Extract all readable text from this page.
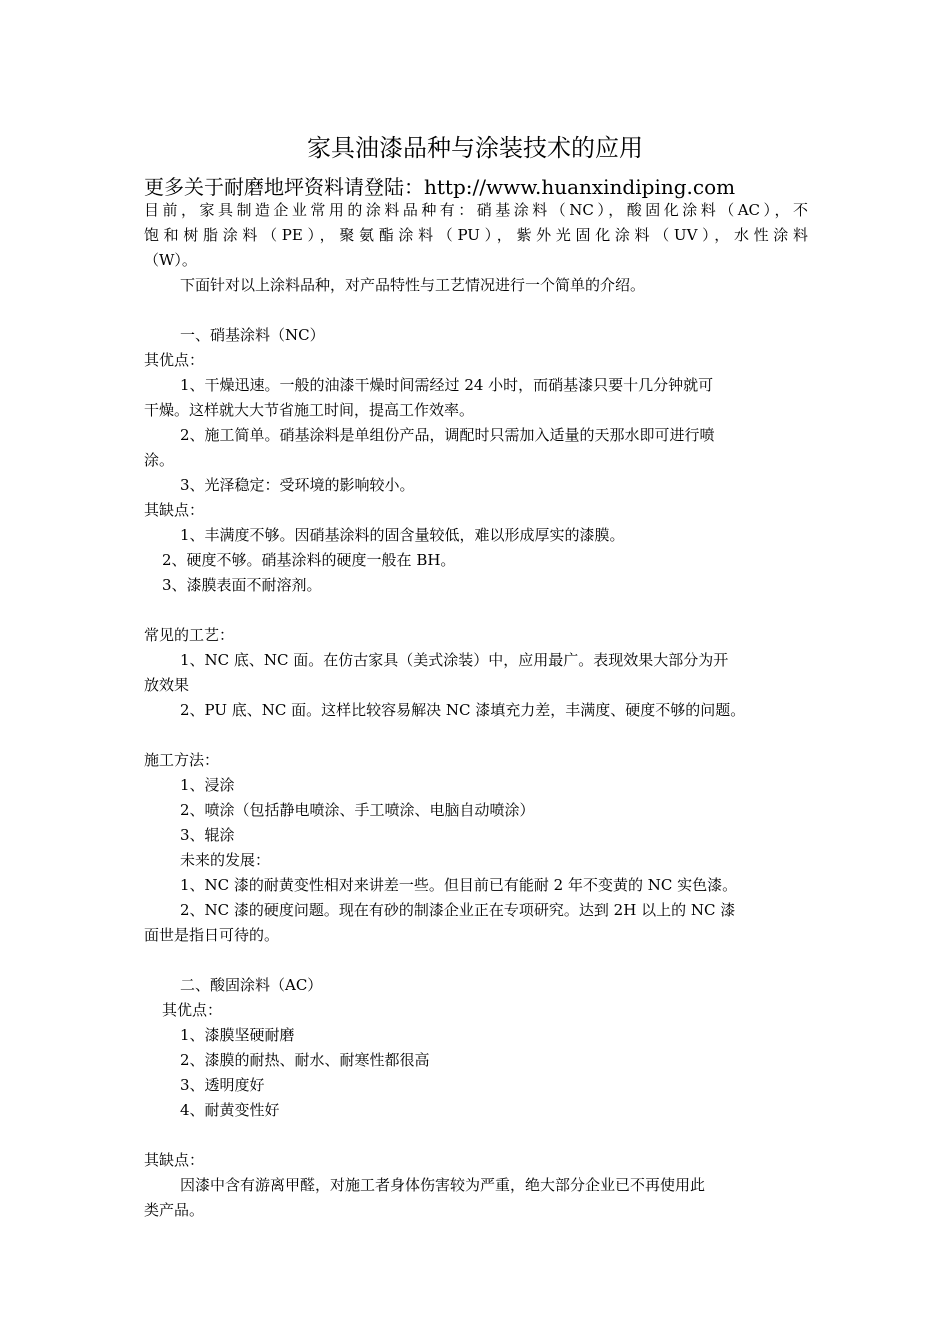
家具油漆品种与涂装技术的应用
更多关于耐磨地坪资料请登陆：http://www.huanxindiping.com
目前，家具制造企业常用的涂料品种有：硝基涂料（NC），酸固化涂料（AC），不
饱和树脂涂料（PE），聚氨酯涂料（PU），紫外光固化涂料（UV），水性涂料
（W）。
下面针对以上涂料品种，对产品特性与工艺情况进行一个简单的介绍。
一、硝基涂料（NC）
其优点：
1、干燥迅速。一般的油漆干燥时间需经过 24 小时，而硝基漆只要十几分钟就可
干燥。这样就大大节省施工时间，提高工作效率。
2、施工简单。硝基涂料是单组份产品，调配时只需加入适量的天那水即可进行喷
涂。
3、光泽稳定：受环境的影响较小。
其缺点：
1、丰满度不够。因硝基涂料的固含量较低，难以形成厚实的漆膜。
2、硬度不够。硝基涂料的硬度一般在 BH。
3、漆膜表面不耐溶剂。
常见的工艺：
1、NC 底、NC 面。在仿古家具（美式涂装）中，应用最广。表现效果大部分为开
放效果
2、PU 底、NC 面。这样比较容易解决 NC 漆填充力差，丰满度、硬度不够的问题。
施工方法：
1、浸涂
2、喷涂（包括静电喷涂、手工喷涂、电脑自动喷涂）
3、辊涂
未来的发展：
1、NC 漆的耐黄变性相对来讲差一些。但目前已有能耐 2 年不变黄的 NC 实色漆。
2、NC 漆的硬度问题。现在有砂的制漆企业正在专项研究。达到 2H 以上的 NC 漆
面世是指日可待的。
二、酸固涂料（AC）
其优点：
1、漆膜坚硬耐磨
2、漆膜的耐热、耐水、耐寒性都很高
3、透明度好
4、耐黄变性好
其缺点：
因漆中含有游离甲醛，对施工者身体伤害较为严重，绝大部分企业已不再使用此
类产品。
